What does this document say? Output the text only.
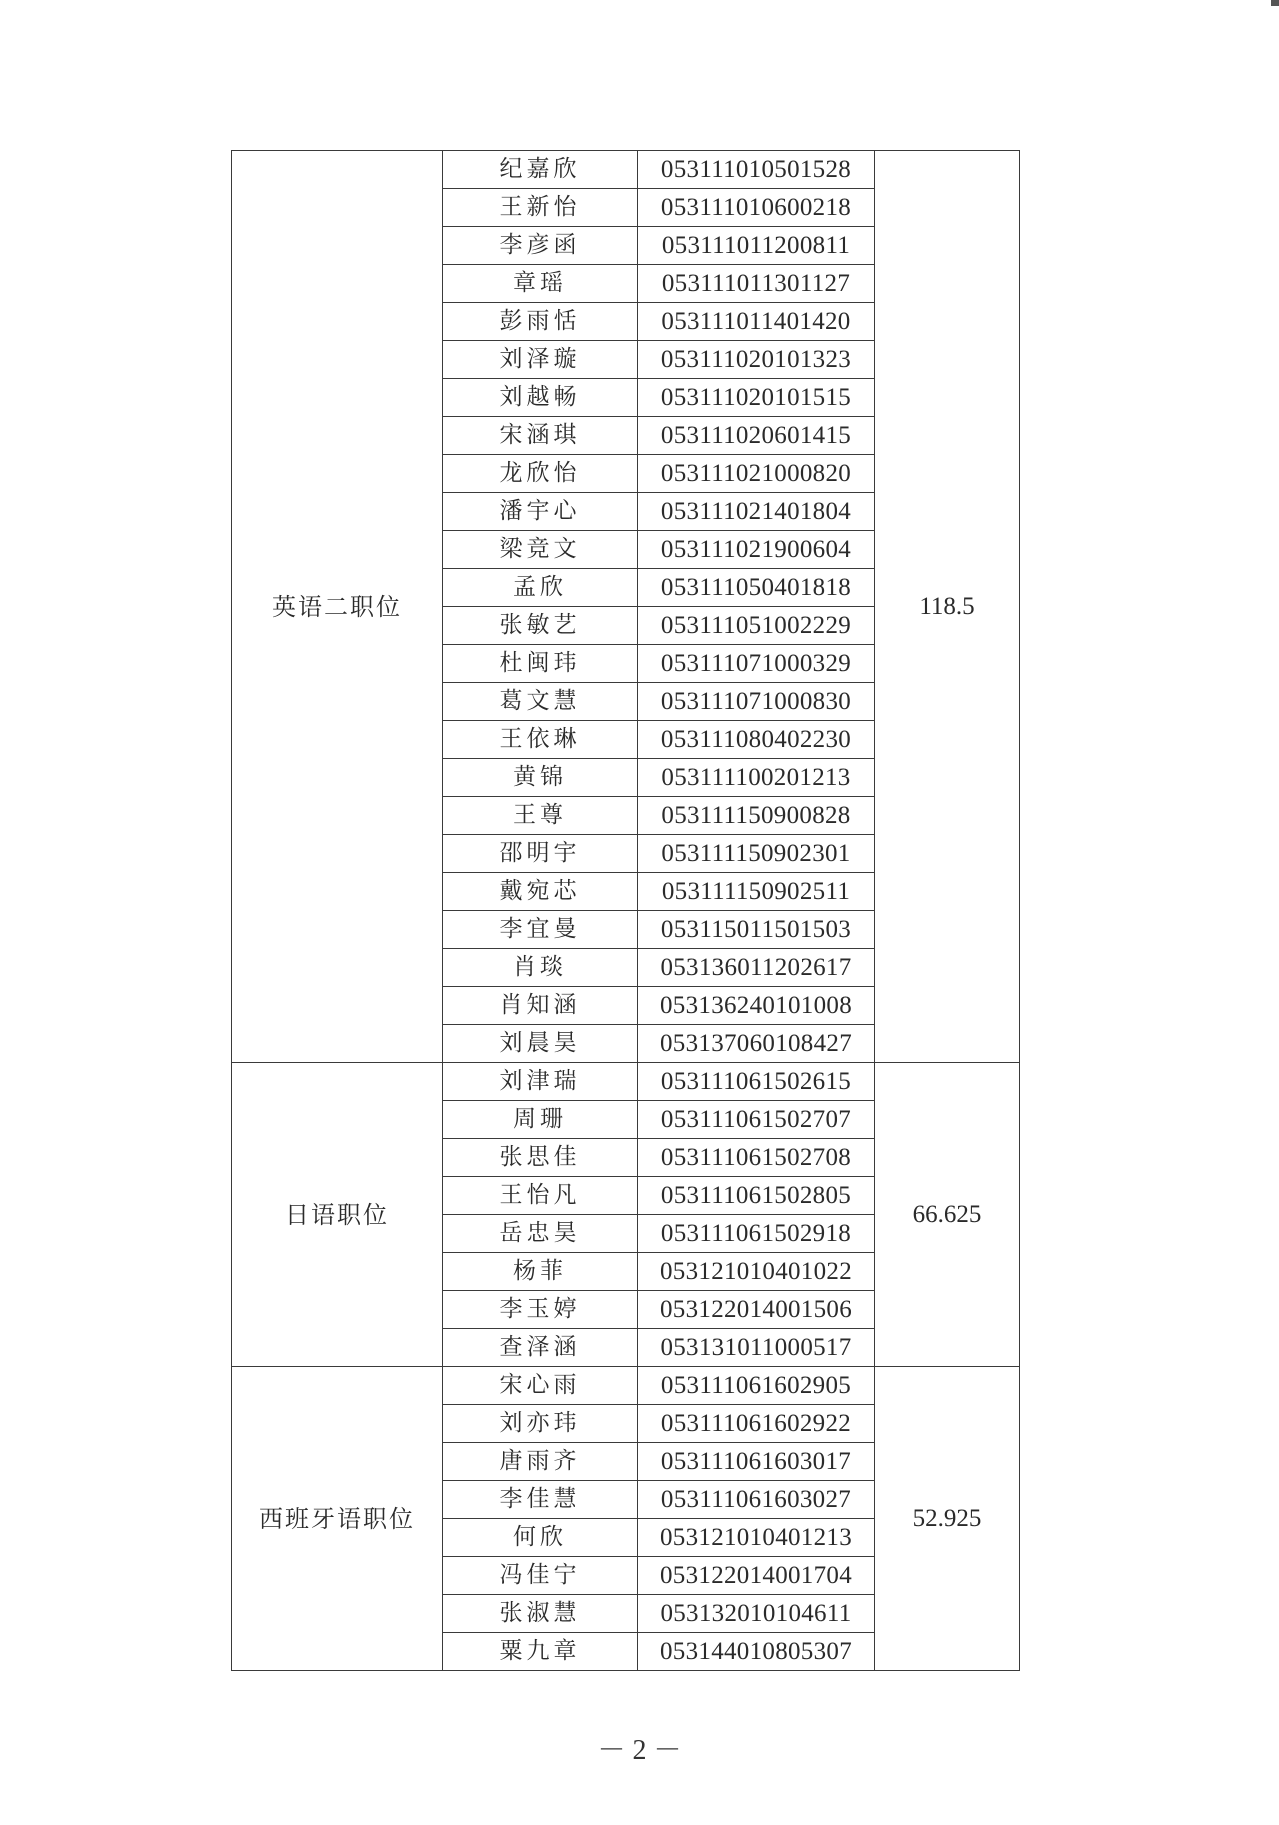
英语二职位	纪嘉欣	053111010501528	118.5
	王新怡	053111010600218	
	李彦函	053111011200811	
	章瑶	053111011301127	
	彭雨恬	053111011401420	
	刘泽璇	053111020101323	
	刘越畅	053111020101515	
	宋涵琪	053111020601415	
	龙欣怡	053111021000820	
	潘宇心	053111021401804	
	梁竞文	053111021900604	
	孟欣	053111050401818	
	张敏艺	053111051002229	
	杜闽玮	053111071000329	
	葛文慧	053111071000830	
	王依琳	053111080402230	
	黄锦	053111100201213	
	王尊	053111150900828	
	邵明宇	053111150902301	
	戴宛芯	053111150902511	
	李宜曼	053115011501503	
	肖琰	053136011202617	
	肖知涵	053136240101008	
	刘晨昊	053137060108427	
日语职位	刘津瑞	053111061502615	66.625
	周珊	053111061502707	
	张思佳	053111061502708	
	王怡凡	053111061502805	
	岳忠昊	053111061502918	
	杨菲	053121010401022	
	李玉婷	053122014001506	
	查泽涵	053131011000517	
西班牙语职位	宋心雨	053111061602905	52.925
	刘亦玮	053111061602922	
	唐雨齐	053111061603017	
	李佳慧	053111061603027	
	何欣	053121010401213	
	冯佳宁	053122014001704	
	张淑慧	053132010104611	
	粟九章	053144010805307	
－ 2 －
